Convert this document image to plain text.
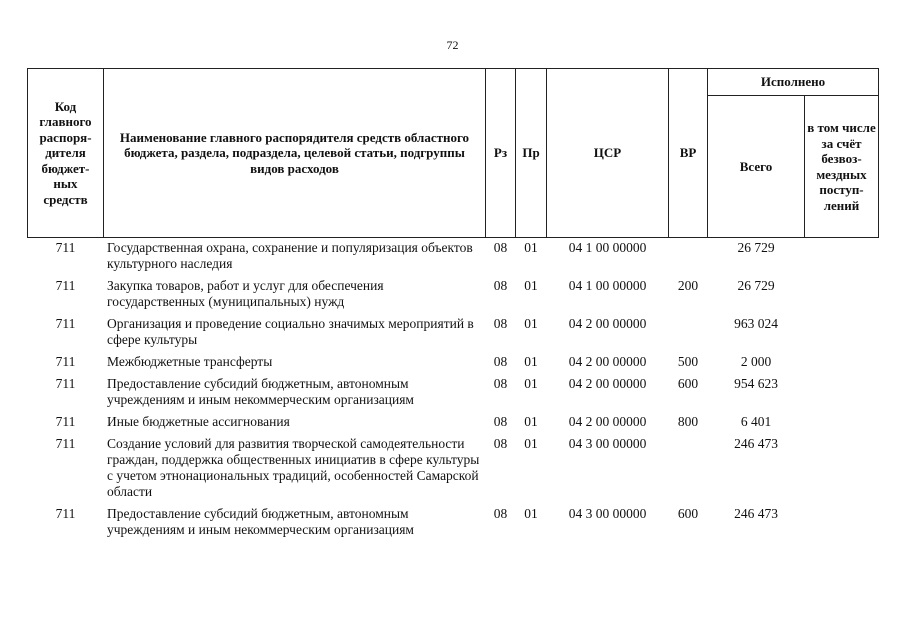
72
Код главного распоря-дителя бюджет-ных средств	Наименование главного распорядителя средств областного бюджета, раздела, подраздела, целевой статьи, подгруппы видов расходов	Рз	Пр	ЦСР	ВР	Исполнено	
						Всего	в том числе за счёт безвоз-мездных поступ-лений
711	Государственная охрана, сохранение и популяризация объектов культурного наследия	08	01	04 1 00 00000		26 729	
711	Закупка товаров, работ и услуг для обеспечения государственных (муниципальных) нужд	08	01	04 1 00 00000	200	26 729	
711	Организация и проведение социально значимых мероприятий в сфере культуры	08	01	04 2 00 00000		963 024	
711	Межбюджетные трансферты	08	01	04 2 00 00000	500	2 000	
711	Предоставление субсидий бюджетным, автономным учреждениям и иным некоммерческим организациям	08	01	04 2 00 00000	600	954 623	
711	Иные бюджетные ассигнования	08	01	04 2 00 00000	800	6 401	
711	Создание условий для развития творческой самодеятельности граждан, поддержка общественных инициатив в сфере культуры с учетом этнонациональных традиций, особенностей Самарской области	08	01	04 3 00 00000		246 473	
711	Предоставление субсидий бюджетным, автономным учреждениям и иным некоммерческим организациям	08	01	04 3 00 00000	600	246 473	
